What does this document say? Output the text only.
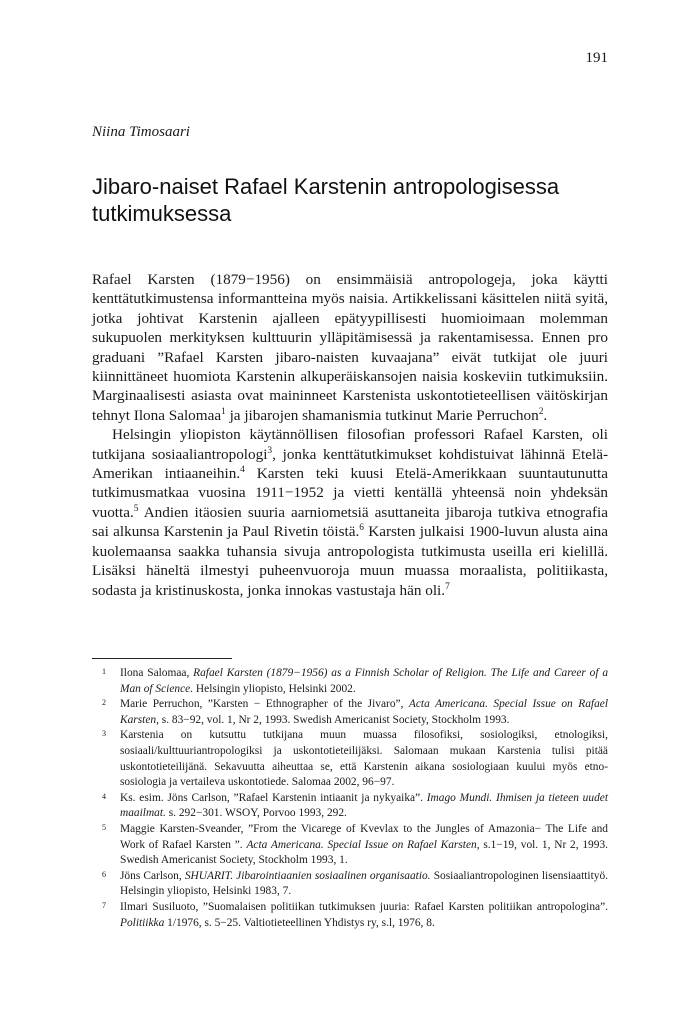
191
Niina Timosaari
Jibaro-naiset Rafael Karstenin antropologisessa tutkimuksessa

Rafael Karsten (1879−1956) on ensimmäisiä antropologeja, joka käytti kenttätutkimustensa informantteina myös naisia. Artikkelissani käsittelen niitä syitä, jotka johtivat Karstenin ajalleen epätyypillisesti huomioimaan molemman sukupuolen merkityksen kulttuurin ylläpitämisessä ja rakentamisessa. Ennen pro graduani ”Rafael Karsten jibaro-naisten kuvaajana” eivät tutkijat ole juuri kiinnittäneet huomiota Karstenin alkuperäiskansojen naisia koskeviin tutkimuksiin. Marginaalisesti asiasta ovat maininneet Karstenista uskontotieteellisen väitöskirjan tehnyt Ilona Salomaa$^1$ ja jibarojen shamanismia tutkinut Marie Perruchon$^2$.

Helsingin yliopiston käytännöllisen filosofian professori Rafael Karsten, oli tutkijana sosiaaliantropologi$^3$, jonka kenttätutkimukset kohdistuivat lähinnä Etelä-Amerikan intiaaneihin.$^4$ Karsten teki kuusi Etelä-Amerikkaan suuntautunutta tutkimusmatkaa vuosina 1911−1952 ja vietti kentällä yhteensä noin yhdeksän vuotta.$^5$ Andien itäosien suuria aarniometsiä asuttaneita jibaroja tutkiva etnografia sai alkunsa Karstenin ja Paul Rivetin töistä.$^6$ Karsten julkaisi 1900-luvun alusta aina kuolemaansa saakka tuhansia sivuja antropologista tutkimusta useilla eri kielillä. Lisäksi häneltä ilmestyi puheenvuoroja muun muassa moraalista, politiikasta, sodasta ja kristinuskosta, jonka innokas vastustaja hän oli.$^7$

1 Ilona Salomaa, Rafael Karsten (1879−1956) as a Finnish Scholar of Religion. The Life and Career of a Man of Science. Helsingin yliopisto, Helsinki 2002.
2 Marie Perruchon, ”Karsten − Ethnographer of the Jivaro”, Acta Americana. Special Issue on Rafael Karsten, s. 83−92, vol. 1, Nr 2, 1993. Swedish Americanist Society, Stockholm 1993.
3 Karstenia on kutsuttu tutkijana muun muassa filosofiksi, sosiologiksi, etnologiksi, sosiaali/kulttuuriantropologiksi ja uskontotieteilijäksi. Salomaan mukaan Karstenia tulisi pitää uskontotieteilijänä. Sekavuutta aiheuttaa se, että Karstenin aikana sosiologiaan kuului myös etno-sosiologia ja vertaileva uskontotiede. Salomaa 2002, 96−97.
4 Ks. esim. Jöns Carlson, ”Rafael Karstenin intiaanit ja nykyaika”. Imago Mundi. Ihmisen ja tieteen uudet maailmat. s. 292−301. WSOY, Porvoo 1993, 292.
5 Maggie Karsten-Sveander, ”From the Vicarege of Kvevlax to the Jungles of Amazonia− The Life and Work of Rafael Karsten ”. Acta Americana. Special Issue on Rafael Karsten, s.1−19, vol. 1, Nr 2, 1993. Swedish Americanist Society, Stockholm 1993, 1.
6 Jöns Carlson, SHUARIT. Jibarointiaanien sosiaalinen organisaatio. Sosiaaliantropologinen lisensiaattityö. Helsingin yliopisto, Helsinki 1983, 7.
7 Ilmari Susiluoto, ”Suomalaisen politiikan tutkimuksen juuria: Rafael Karsten politiikan antropologina”. Politiikka 1/1976, s. 5−25. Valtiotieteellinen Yhdistys ry, s.l, 1976, 8.
